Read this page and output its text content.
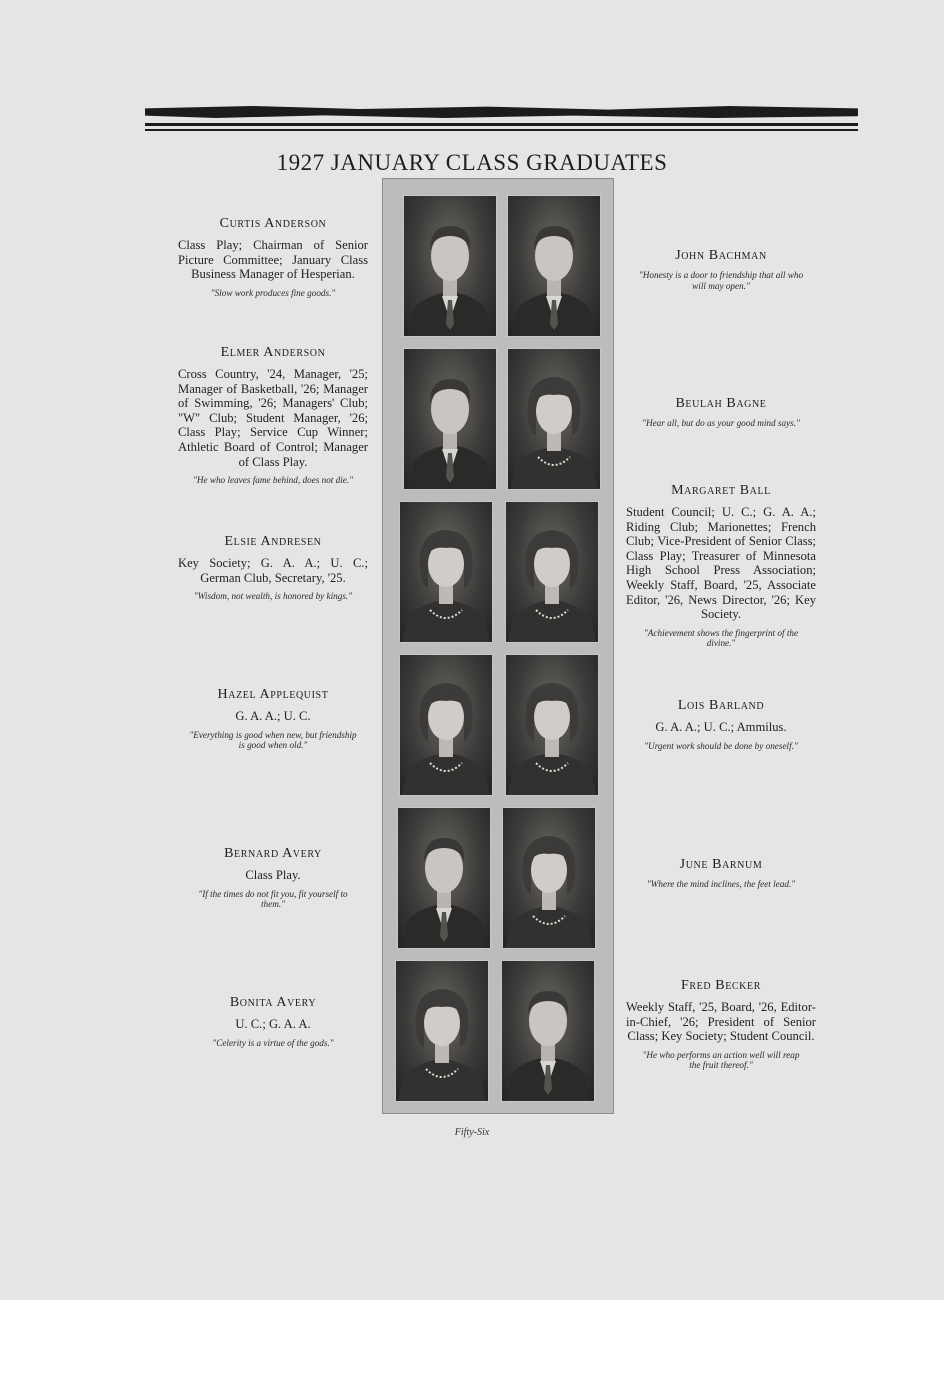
1927 JANUARY CLASS GRADUATES
Curtis Anderson
Class Play; Chairman of Senior Picture Committee; January Class Business Manager of Hesperian.
"Slow work produces fine goods."
Elmer Anderson
Cross Country, '24, Manager, '25; Manager of Basketball, '26; Manager of Swimming, '26; Managers' Club; "W" Club; Student Manager, '26; Class Play; Service Cup Winner; Athletic Board of Control; Manager of Class Play.
"He who leaves fame behind, does not die."
Elsie Andresen
Key Society; G. A. A.; U. C.; German Club, Secretary, '25.
"Wisdom, not wealth, is honored by kings."
Hazel Applequist
G. A. A.; U. C.
"Everything is good when new, but friendship is good when old."
Bernard Avery
Class Play.
"If the times do not fit you, fit yourself to them."
Bonita Avery
U. C.; G. A. A.
"Celerity is a virtue of the gods."
John Bachman
"Honesty is a door to friendship that all who will may open."
Beulah Bagne
"Hear all, but do as your good mind says."
Margaret Ball
Student Council; U. C.; G. A. A.; Riding Club; Marionettes; French Club; Vice-President of Senior Class; Class Play; Treasurer of Minnesota High School Press Association; Weekly Staff, Board, '25, Associate Editor, '26, News Director, '26; Key Society.
"Achievement shows the fingerprint of the divine."
Lois Barland
G. A. A.; U. C.; Ammilus.
"Urgent work should be done by oneself."
June Barnum
"Where the mind inclines, the feet lead."
Fred Becker
Weekly Staff, '25, Board, '26, Editor-in-Chief, '26; President of Senior Class; Key Society; Student Council.
"He who performs an action well will reap the fruit thereof."
Fifty-Six
